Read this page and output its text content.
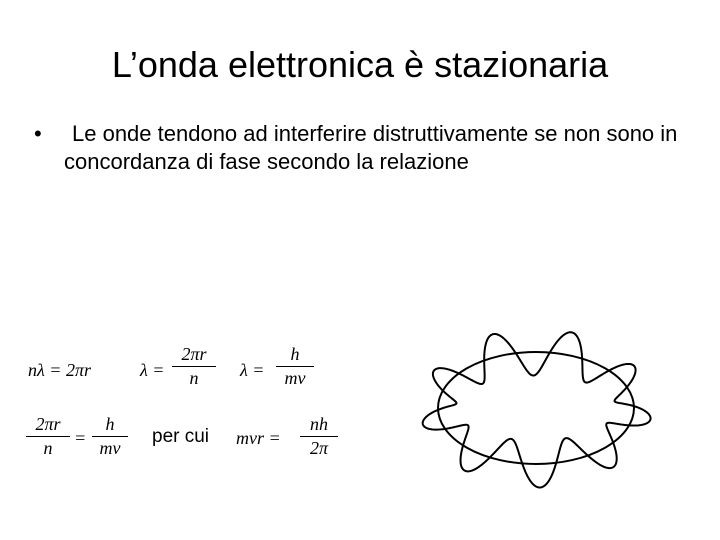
L’onda elettronica è stazionaria
•	Le onde tendono ad interferire distruttivamente se non sono in concordanza di fase secondo la relazione
nλ = 2πr	$\lambda = \frac{2\pi r}{n}$ $\lambda = \frac{h}{mv}$
$\frac{2\pi r}{n} = \frac{h}{mv}$ per cui mvr = $\frac{nh}{2\pi}$
